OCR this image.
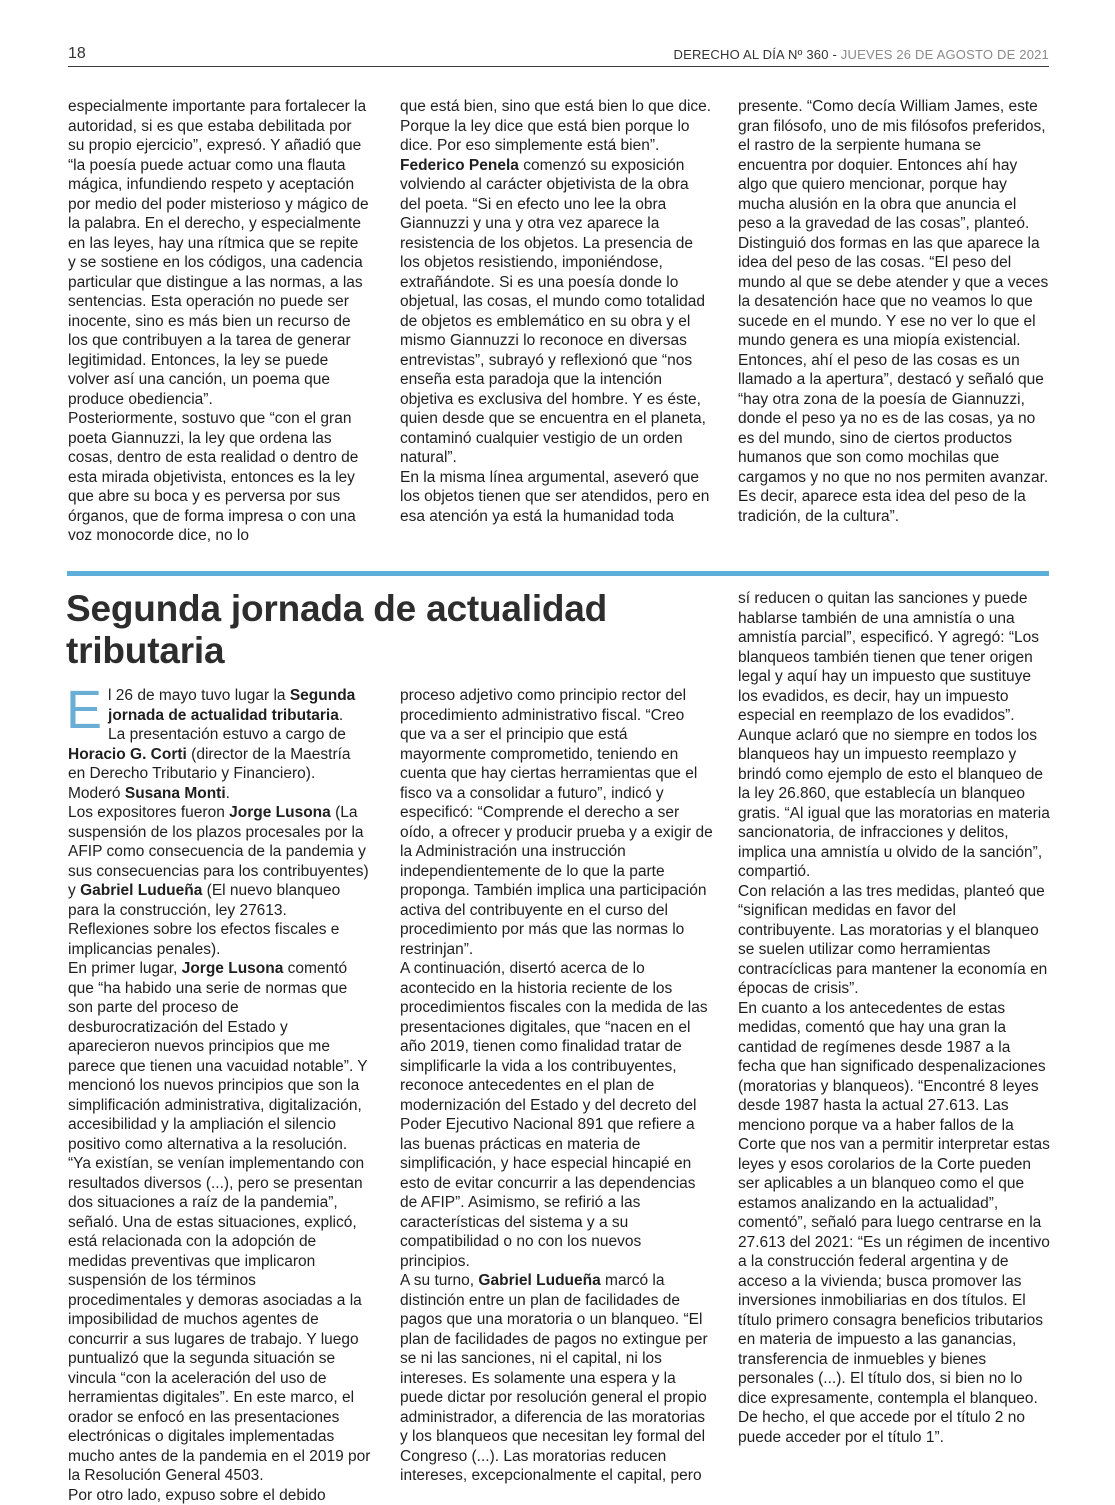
18	DERECHO AL DÍA Nº 360 - JUEVES 26 DE AGOSTO DE 2021

especialmente importante para fortalecer la autoridad, si es que estaba debilitada por su propio ejercicio”, expresó. Y añadió que “la poesía puede actuar como una flauta mágica, infundiendo respeto y aceptación por medio del poder misterioso y mágico de la palabra. En el derecho, y especialmente en las leyes, hay una rítmica que se repite y se sostiene en los códigos, una cadencia particular que distingue a las normas, a las sentencias. Esta operación no puede ser inocente, sino es más bien un recurso de los que contribuyen a la tarea de generar legitimidad. Entonces, la ley se puede volver así una canción, un poema que produce obediencia”.

Posteriormente, sostuvo que “con el gran poeta Giannuzzi, la ley que ordena las cosas, dentro de esta realidad o dentro de esta mirada objetivista, entonces es la ley que abre su boca y es perversa por sus órganos, que de forma impresa o con una voz monocorde dice, no lo

que está bien, sino que está bien lo que dice. Porque la ley dice que está bien porque lo dice. Por eso simplemente está bien”.

Federico Penela comenzó su exposición volviendo al carácter objetivista de la obra del poeta. “Si en efecto uno lee la obra Giannuzzi y una y otra vez aparece la resistencia de los objetos. La presencia de los objetos resistiendo, imponiéndose, extrañándote. Si es una poesía donde lo objetual, las cosas, el mundo como totalidad de objetos es emblemático en su obra y el mismo Giannuzzi lo reconoce en diversas entrevistas”, subrayó y reflexionó que “nos enseña esta paradoja que la intención objetiva es exclusiva del hombre. Y es éste, quien desde que se encuentra en el planeta, contaminó cualquier vestigio de un orden natural”.

En la misma línea argumental, aseveró que los objetos tienen que ser atendidos, pero en esa atención ya está la humanidad toda

presente. “Como decía William James, este gran filósofo, uno de mis filósofos preferidos, el rastro de la serpiente humana se encuentra por doquier. Entonces ahí hay algo que quiero mencionar, porque hay mucha alusión en la obra que anuncia el peso a la gravedad de las cosas”, planteó. Distinguió dos formas en las que aparece la idea del peso de las cosas. “El peso del mundo al que se debe atender y que a veces la desatención hace que no veamos lo que sucede en el mundo. Y ese no ver lo que el mundo genera es una miopía existencial. Entonces, ahí el peso de las cosas es un llamado a la apertura”, destacó y señaló que “hay otra zona de la poesía de Giannuzzi, donde el peso ya no es de las cosas, ya no es del mundo, sino de ciertos productos humanos que son como mochilas que cargamos y no que no nos permiten avanzar. Es decir, aparece esta idea del peso de la tradición, de la cultura”.

Segunda jornada de actualidad tributaria

El 26 de mayo tuvo lugar la Segunda jornada de actualidad tributaria.

La presentación estuvo a cargo de Horacio G. Corti (director de la Maestría en Derecho Tributario y Financiero). Moderó Susana Monti.

Los expositores fueron Jorge Lusona (La suspensión de los plazos procesales por la AFIP como consecuencia de la pandemia y sus consecuencias para los contribuyentes) y Gabriel Ludueña (El nuevo blanqueo para la construcción, ley 27613. Reflexiones sobre los efectos fiscales e implicancias penales).

En primer lugar, Jorge Lusona comentó que “ha habido una serie de normas que son parte del proceso de desburocratización del Estado y aparecieron nuevos principios que me parece que tienen una vacuidad notable”. Y mencionó los nuevos principios que son la simplificación administrativa, digitalización, accesibilidad y la ampliación el silencio positivo como alternativa a la resolución. “Ya existían, se venían implementando con resultados diversos (...), pero se presentan dos situaciones a raíz de la pandemia”, señaló. Una de estas situaciones, explicó, está relacionada con la adopción de medidas preventivas que implicaron suspensión de los términos procedimentales y demoras asociadas a la imposibilidad de muchos agentes de concurrir a sus lugares de trabajo. Y luego puntualizó que la segunda situación se vincula “con la aceleración del uso de herramientas digitales”. En este marco, el orador se enfocó en las presentaciones electrónicas o digitales implementadas mucho antes de la pandemia en el 2019 por la Resolución General 4503.

Por otro lado, expuso sobre el debido

proceso adjetivo como principio rector del procedimiento administrativo fiscal. “Creo que va a ser el principio que está mayormente comprometido, teniendo en cuenta que hay ciertas herramientas que el fisco va a consolidar a futuro”, indicó y especificó: “Comprende el derecho a ser oído, a ofrecer y producir prueba y a exigir de la Administración una instrucción independientemente de lo que la parte proponga. También implica una participación activa del contribuyente en el curso del procedimiento por más que las normas lo restrinjan”.

A continuación, disertó acerca de lo acontecido en la historia reciente de los procedimientos fiscales con la medida de las presentaciones digitales, que “nacen en el año 2019, tienen como finalidad tratar de simplificarle la vida a los contribuyentes, reconoce antecedentes en el plan de modernización del Estado y del decreto del Poder Ejecutivo Nacional 891 que refiere a las buenas prácticas en materia de simplificación, y hace especial hincapié en esto de evitar concurrir a las dependencias de AFIP”. Asimismo, se refirió a las características del sistema y a su compatibilidad o no con los nuevos principios.

A su turno, Gabriel Ludueña marcó la distinción entre un plan de facilidades de pagos que una moratoria o un blanqueo. “El plan de facilidades de pagos no extingue per se ni las sanciones, ni el capital, ni los intereses. Es solamente una espera y la puede dictar por resolución general el propio administrador, a diferencia de las moratorias y los blanqueos que necesitan ley formal del Congreso (...). Las moratorias reducen intereses, excepcionalmente el capital, pero

sí reducen o quitan las sanciones y puede hablarse también de una amnistía o una amnistía parcial”, especificó. Y agregó: “Los blanqueos también tienen que tener origen legal y aquí hay un impuesto que sustituye los evadidos, es decir, hay un impuesto especial en reemplazo de los evadidos”. Aunque aclaró que no siempre en todos los blanqueos hay un impuesto reemplazo y brindó como ejemplo de esto el blanqueo de la ley 26.860, que establecía un blanqueo gratis. “Al igual que las moratorias en materia sancionatoria, de infracciones y delitos, implica una amnistía u olvido de la sanción”, compartió.

Con relación a las tres medidas, planteó que “significan medidas en favor del contribuyente. Las moratorias y el blanqueo se suelen utilizar como herramientas contracíclicas para mantener la economía en épocas de crisis”.

En cuanto a los antecedentes de estas medidas, comentó que hay una gran la cantidad de regímenes desde 1987 a la fecha que han significado despenalizaciones (moratorias y blanqueos). “Encontré 8 leyes desde 1987 hasta la actual 27.613. Las menciono porque va a haber fallos de la Corte que nos van a permitir interpretar estas leyes y esos corolarios de la Corte pueden ser aplicables a un blanqueo como el que estamos analizando en la actualidad”, comentó”, señaló para luego centrarse en la 27.613 del 2021: “Es un régimen de incentivo a la construcción federal argentina y de acceso a la vivienda; busca promover las inversiones inmobiliarias en dos títulos. El título primero consagra beneficios tributarios en materia de impuesto a las ganancias, transferencia de inmuebles y bienes personales (...). El título dos, si bien no lo dice expresamente, contempla el blanqueo. De hecho, el que accede por el título 2 no puede acceder por el título 1”.
